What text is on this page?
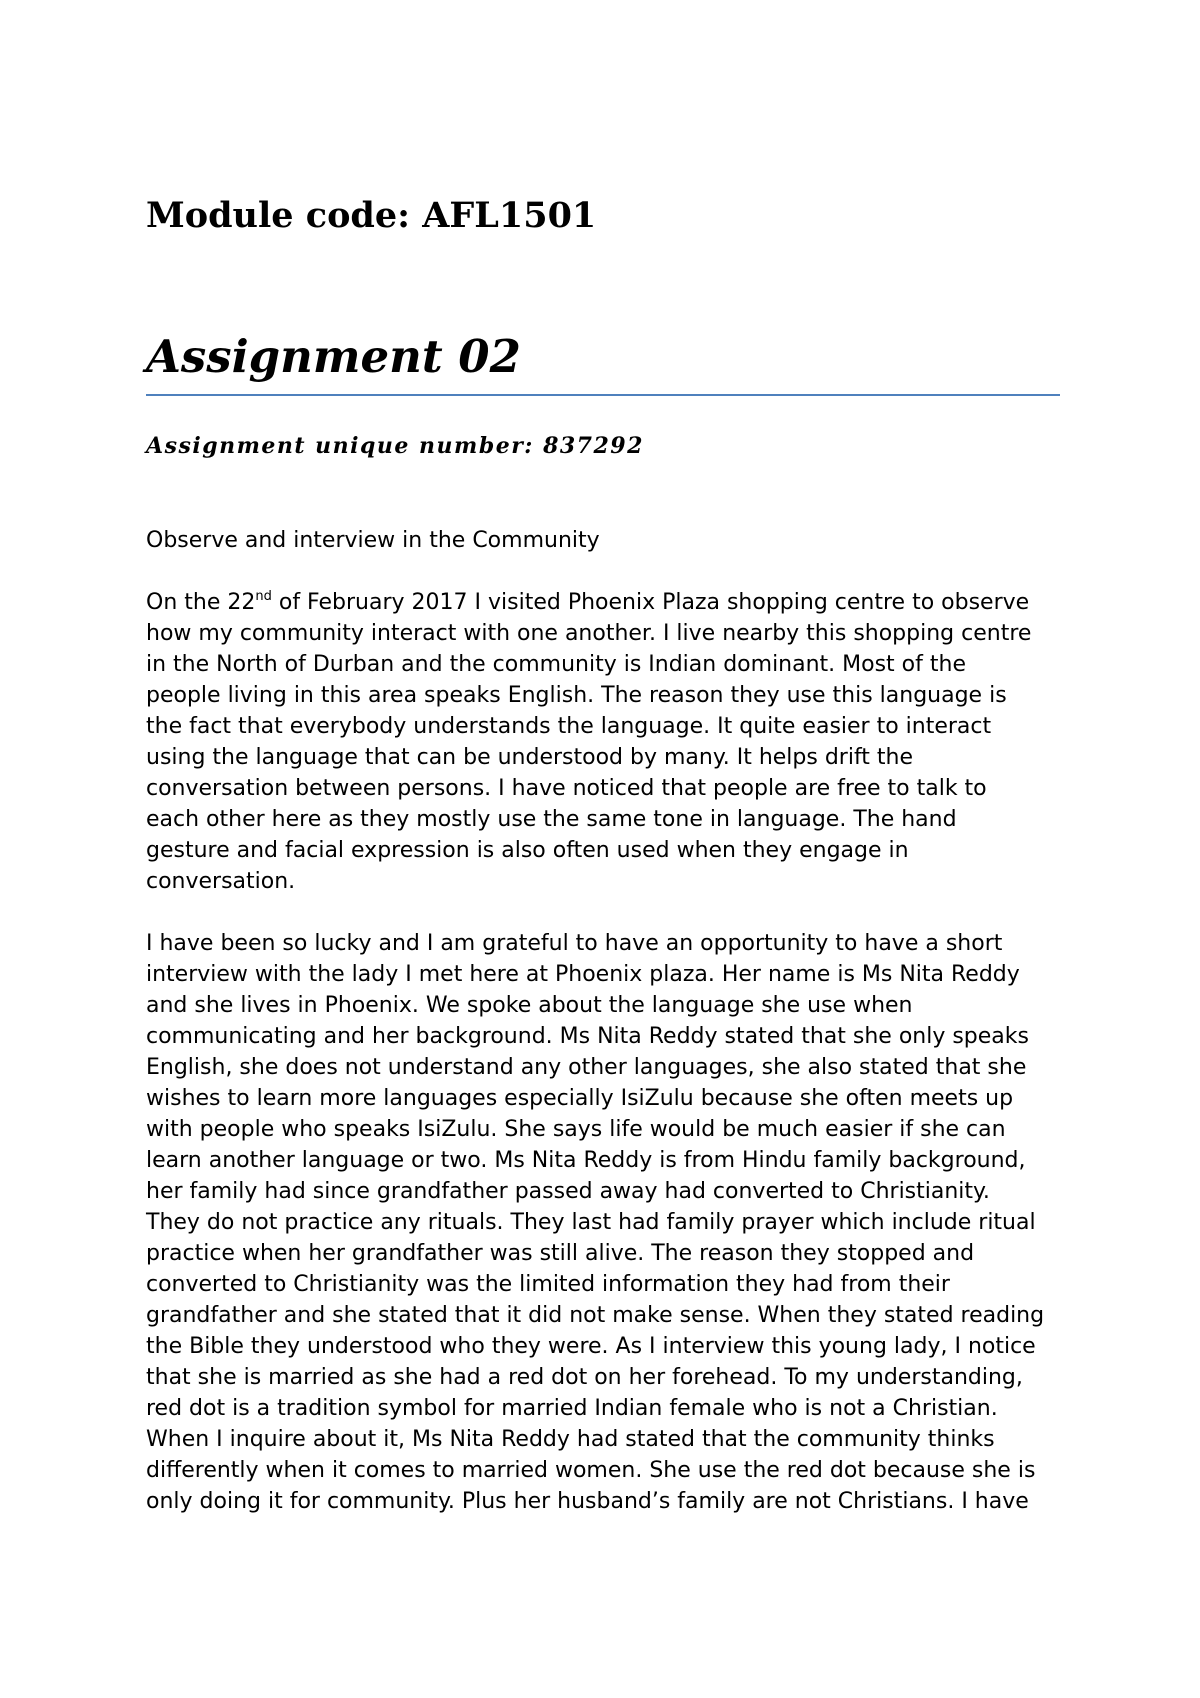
Module code: AFL1501
Assignment 02
Assignment unique number: 837292

Observe and interview in the Community

On the 22nd of February 2017 I visited Phoenix Plaza shopping centre to observe
how my community interact with one another. I live nearby this shopping centre
in the North of Durban and the community is Indian dominant. Most of the
people living in this area speaks English. The reason they use this language is
the fact that everybody understands the language. It quite easier to interact
using the language that can be understood by many. It helps drift the
conversation between persons. I have noticed that people are free to talk to
each other here as they mostly use the same tone in language. The hand
gesture and facial expression is also often used when they engage in
conversation.
I have been so lucky and I am grateful to have an opportunity to have a short
interview with the lady I met here at Phoenix plaza. Her name is Ms Nita Reddy
and she lives in Phoenix. We spoke about the language she use when
communicating and her background. Ms Nita Reddy stated that she only speaks
English, she does not understand any other languages, she also stated that she
wishes to learn more languages especially IsiZulu because she often meets up
with people who speaks IsiZulu. She says life would be much easier if she can
learn another language or two. Ms Nita Reddy is from Hindu family background,
her family had since grandfather passed away had converted to Christianity.
They do not practice any rituals. They last had family prayer which include ritual
practice when her grandfather was still alive. The reason they stopped and
converted to Christianity was the limited information they had from their
grandfather and she stated that it did not make sense. When they stated reading
the Bible they understood who they were. As I interview this young lady, I notice
that she is married as she had a red dot on her forehead. To my understanding,
red dot is a tradition symbol for married Indian female who is not a Christian.
When I inquire about it, Ms Nita Reddy had stated that the community thinks
differently when it comes to married women. She use the red dot because she is
only doing it for community. Plus her husband’s family are not Christians. I have
